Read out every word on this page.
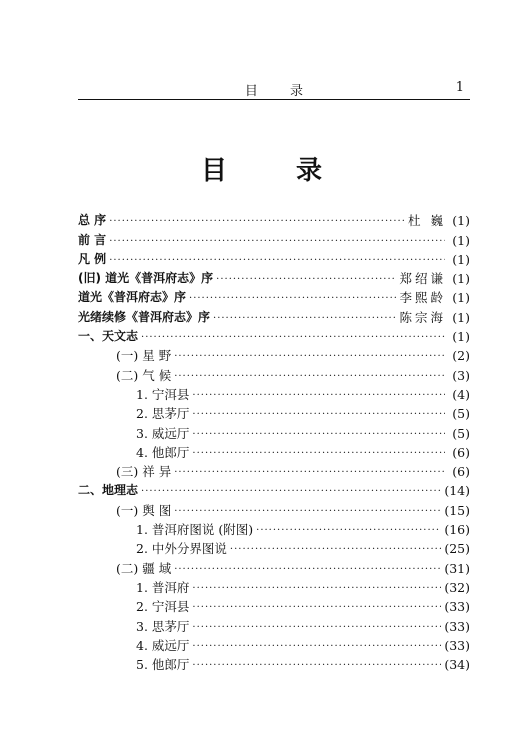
目 录	1
目 录
总 序 ·····	杜 巍 (1)
前 言 ·····	(1)
凡 例 ·····	(1)
(旧) 道光《普洱府志》序 ·····	郑绍谦 (1)
道光《普洱府志》序 ·····	李熙龄 (1)
光绪续修《普洱府志》序 ·····	陈宗海 (1)
一、天文志 ·····	(1)
(一) 星 野 ·····	(2)
(二) 气 候 ·····	(3)
1. 宁洱县 ·····	(4)
2. 思茅厅 ·····	(5)
3. 威远厅 ·····	(5)
4. 他郎厅 ·····	(6)
(三) 祥 异 ·····	(6)
二、地理志 ·····	(14)
(一) 舆 图 ·····	(15)
1. 普洱府图说 (附图) ·····	(16)
2. 中外分界图说 ·····	(25)
(二) 疆 域 ·····	(31)
1. 普洱府 ·····	(32)
2. 宁洱县 ·····	(33)
3. 思茅厅 ·····	(33)
4. 威远厅 ·····	(33)
5. 他郎厅 ·····	(34)
